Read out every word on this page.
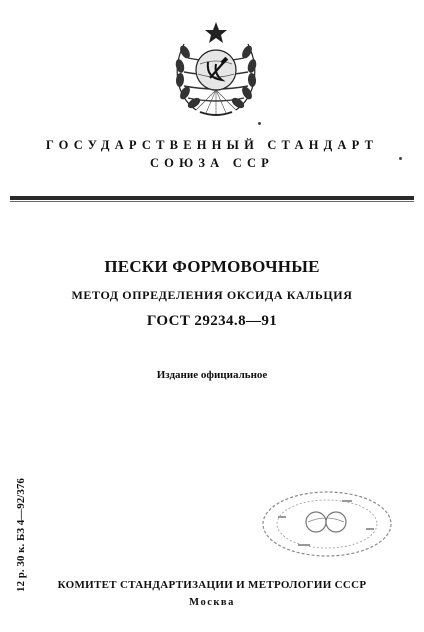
ГОСУДАРСТВЕННЫЙ СТАНДАРТ
СОЮЗА ССР
ПЕСКИ ФОРМОВОЧНЫЕ
МЕТОД ОПРЕДЕЛЕНИЯ ОКСИДА КАЛЬЦИЯ
ГОСТ 29234.8—91
Издание официальное
12 р. 30 к. БЗ 4—92/376	КОМИТЕТ СТАНДАРТИЗАЦИИ И МЕТРОЛОГИИ СССР
Москва
